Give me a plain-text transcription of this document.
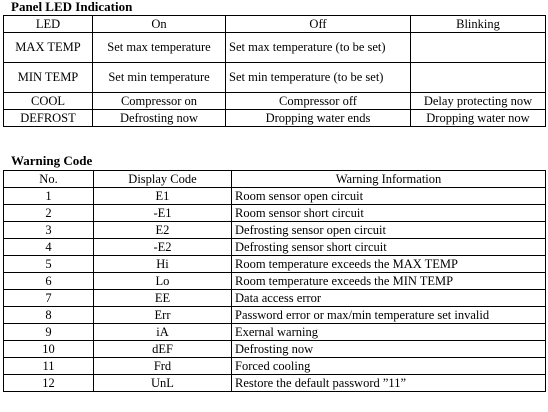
Panel LED Indication
LED	On	Off	Blinking
MAX TEMP	Set max temperature	Set max temperature (to be set)	
MIN TEMP	Set min temperature	Set min temperature (to be set)	
COOL	Compressor on	Compressor off	Delay protecting now
DEFROST	Defrosting now	Dropping water ends	Dropping water now
Warning Code
No.	Display Code	Warning Information
1	E1	Room sensor open circuit
2	-E1	Room sensor short circuit
3	E2	Defrosting sensor open circuit
4	-E2	Defrosting sensor short circuit
5	Hi	Room temperature exceeds the MAX TEMP
6	Lo	Room temperature exceeds the MIN TEMP
7	EE	Data access error
8	Err	Password error or max/min temperature set invalid
9	iA	Exernal warning
10	dEF	Defrosting now
11	Frd	Forced cooling
12	UnL	Restore the default password ”11”
